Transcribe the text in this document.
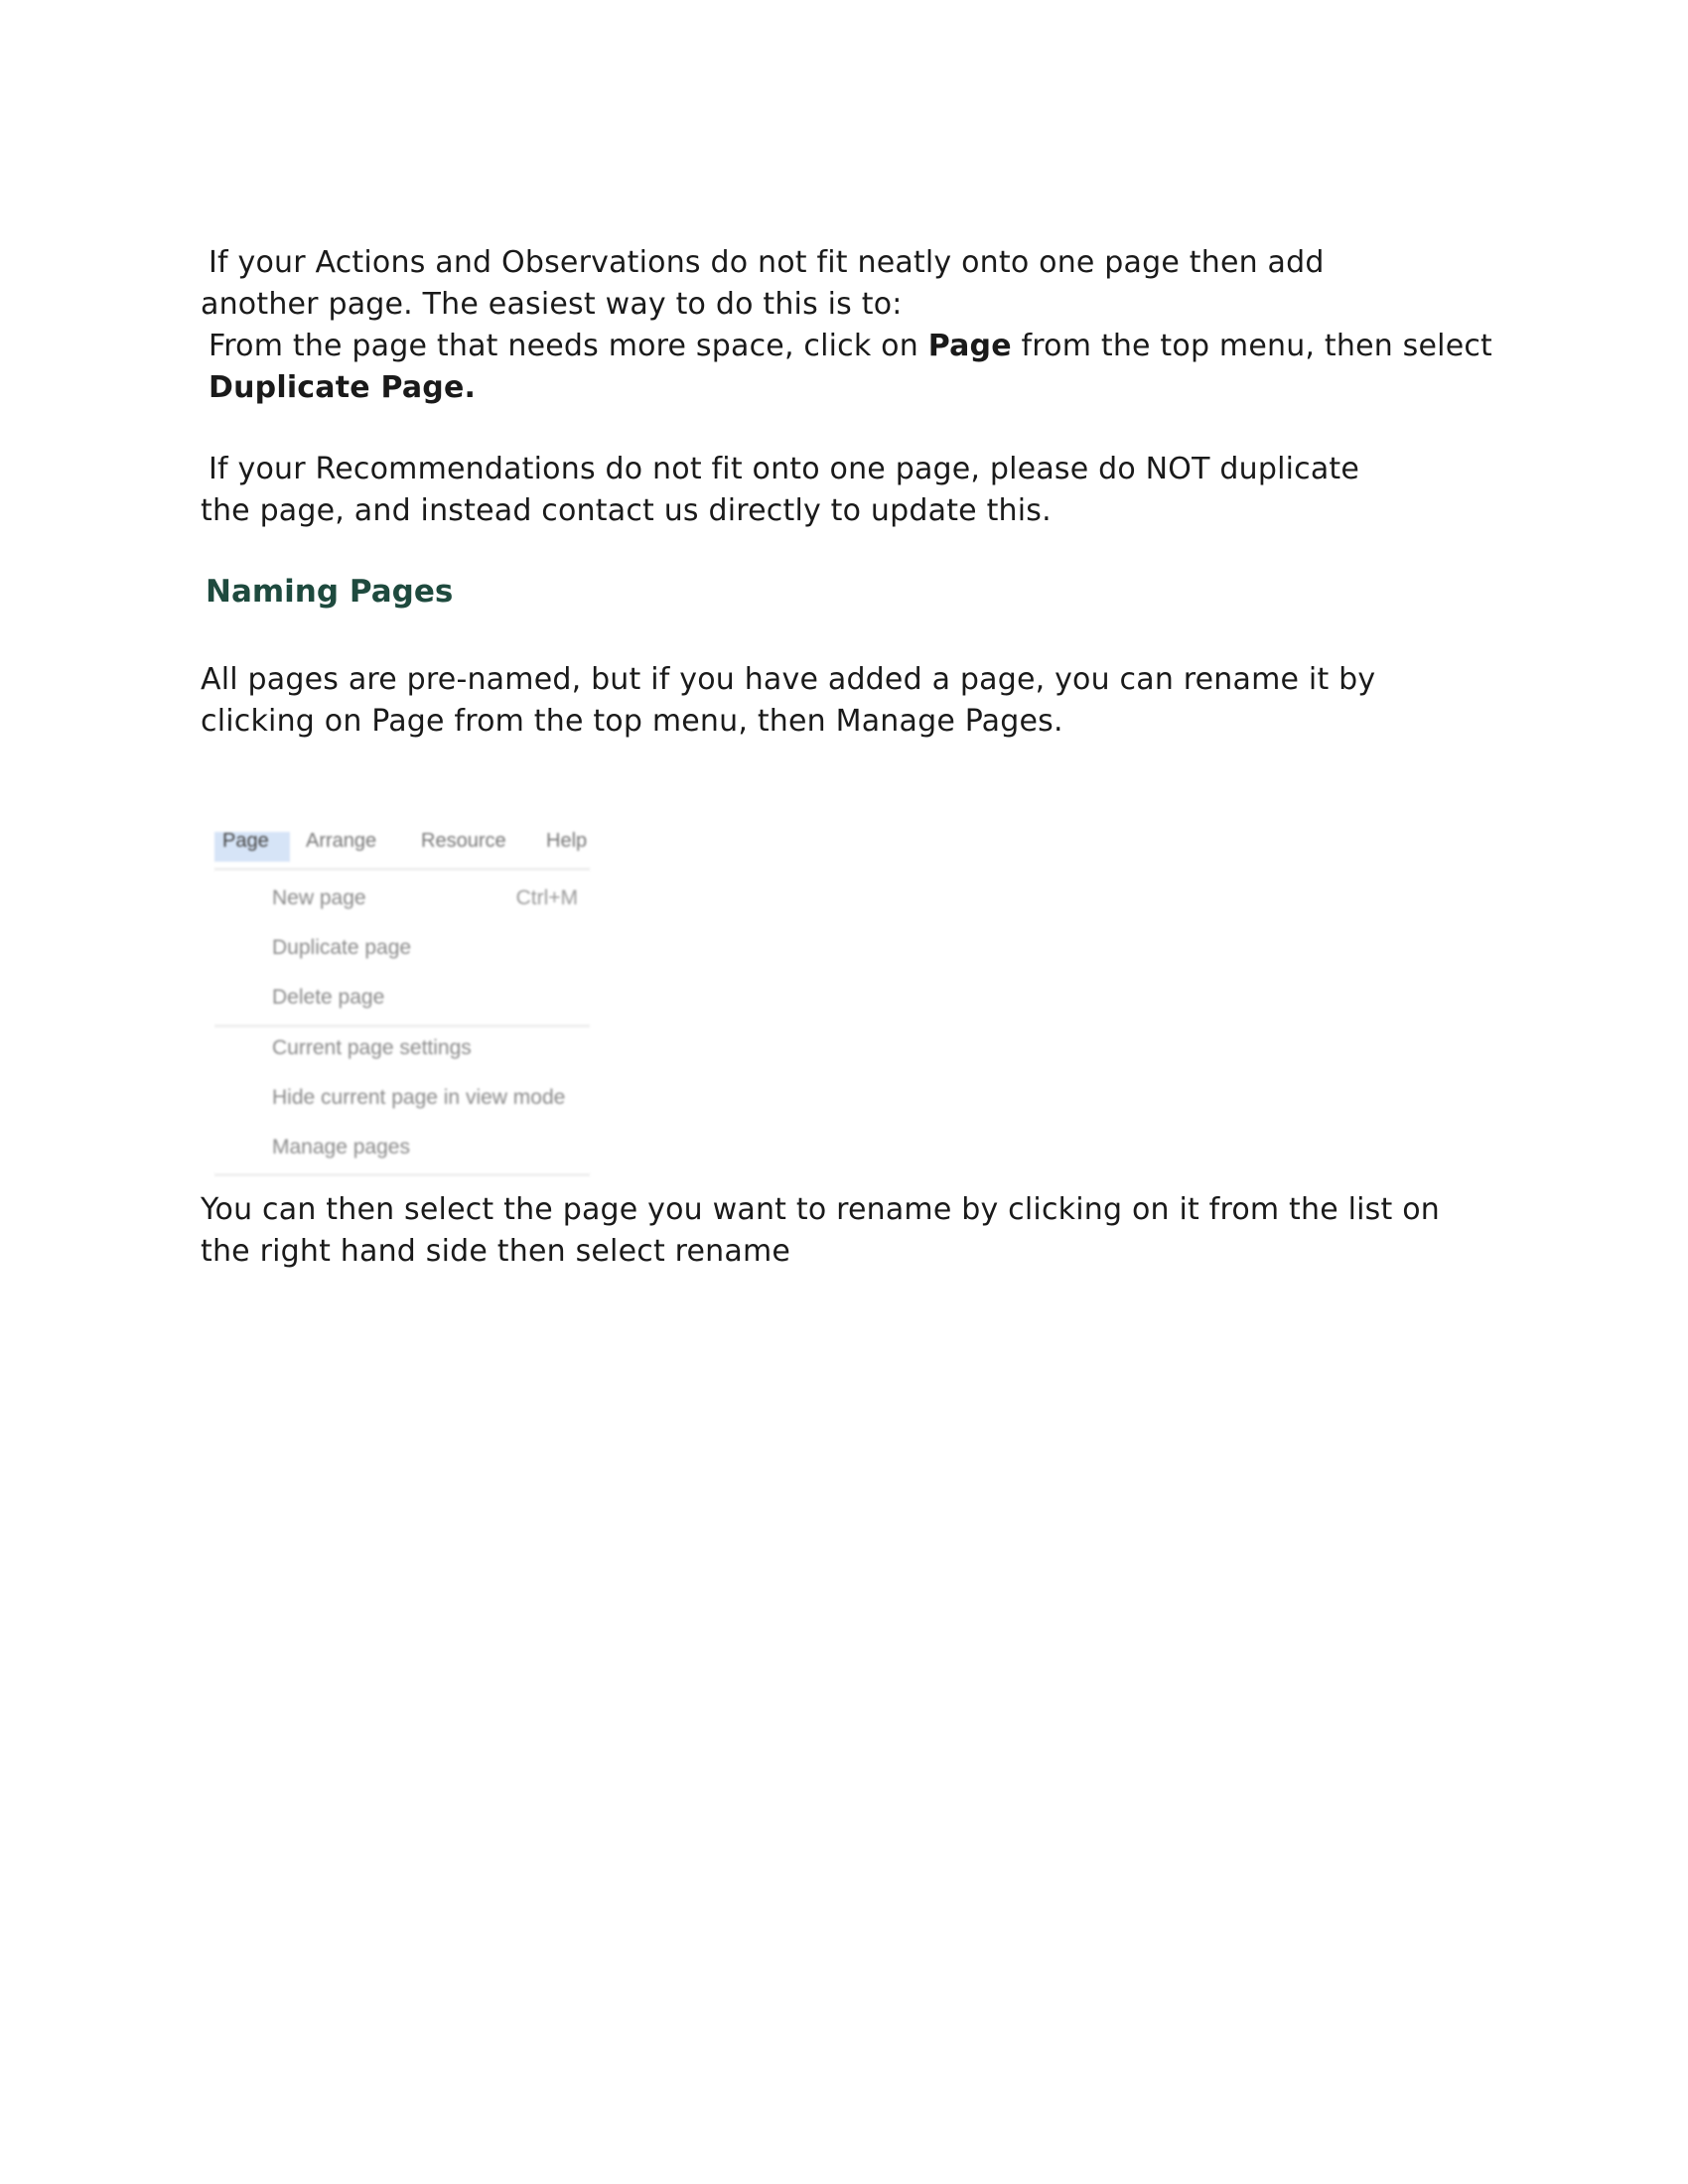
If your Actions and Observations do not fit neatly onto one page then add
another page. The easiest way to do this is to:
From the page that needs more space, click on Page from the top menu, then select
Duplicate Page.
If your Recommendations do not fit onto one page, please do NOT duplicate
the page, and instead contact us directly to update this.
Naming Pages
All pages are pre-named, but if you have added a page, you can rename it by
clicking on Page from the top menu, then Manage Pages.
Page	Arrange	Resource	Help
New page	Ctrl+M
Duplicate page
Delete page
Current page settings
Hide current page in view mode
Manage pages
You can then select the page you want to rename by clicking on it from the list on
the right hand side then select rename
